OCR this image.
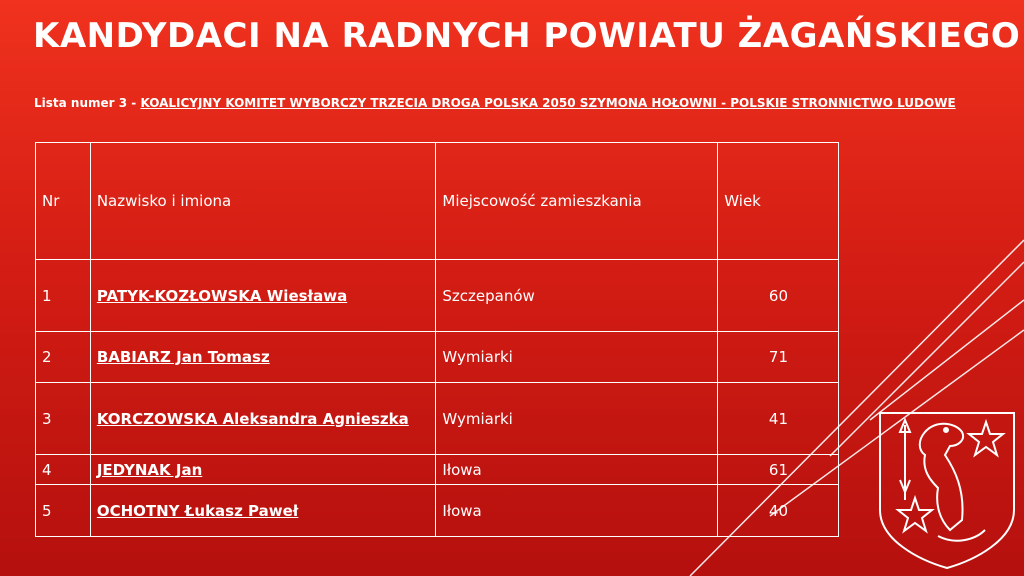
KANDYDACI NA RADNYCH POWIATU ŻAGAŃSKIEGO

Lista numer 3 - KOALICYJNY KOMITET WYBORCZY TRZECIA DROGA POLSKA 2050 SZYMONA HOŁOWNI - POLSKIE STRONNICTWO LUDOWE

Nr	Nazwisko i imiona	Miejscowość zamieszkania	Wiek
1	PATYK-KOZŁOWSKA Wiesława	Szczepanów	60
2	BABIARZ Jan Tomasz	Wymiarki	71
3	KORCZOWSKA Aleksandra Agnieszka	Wymiarki	41
4	JEDYNAK Jan	Iłowa	61
5	OCHOTNY Łukasz Paweł	Iłowa	40
